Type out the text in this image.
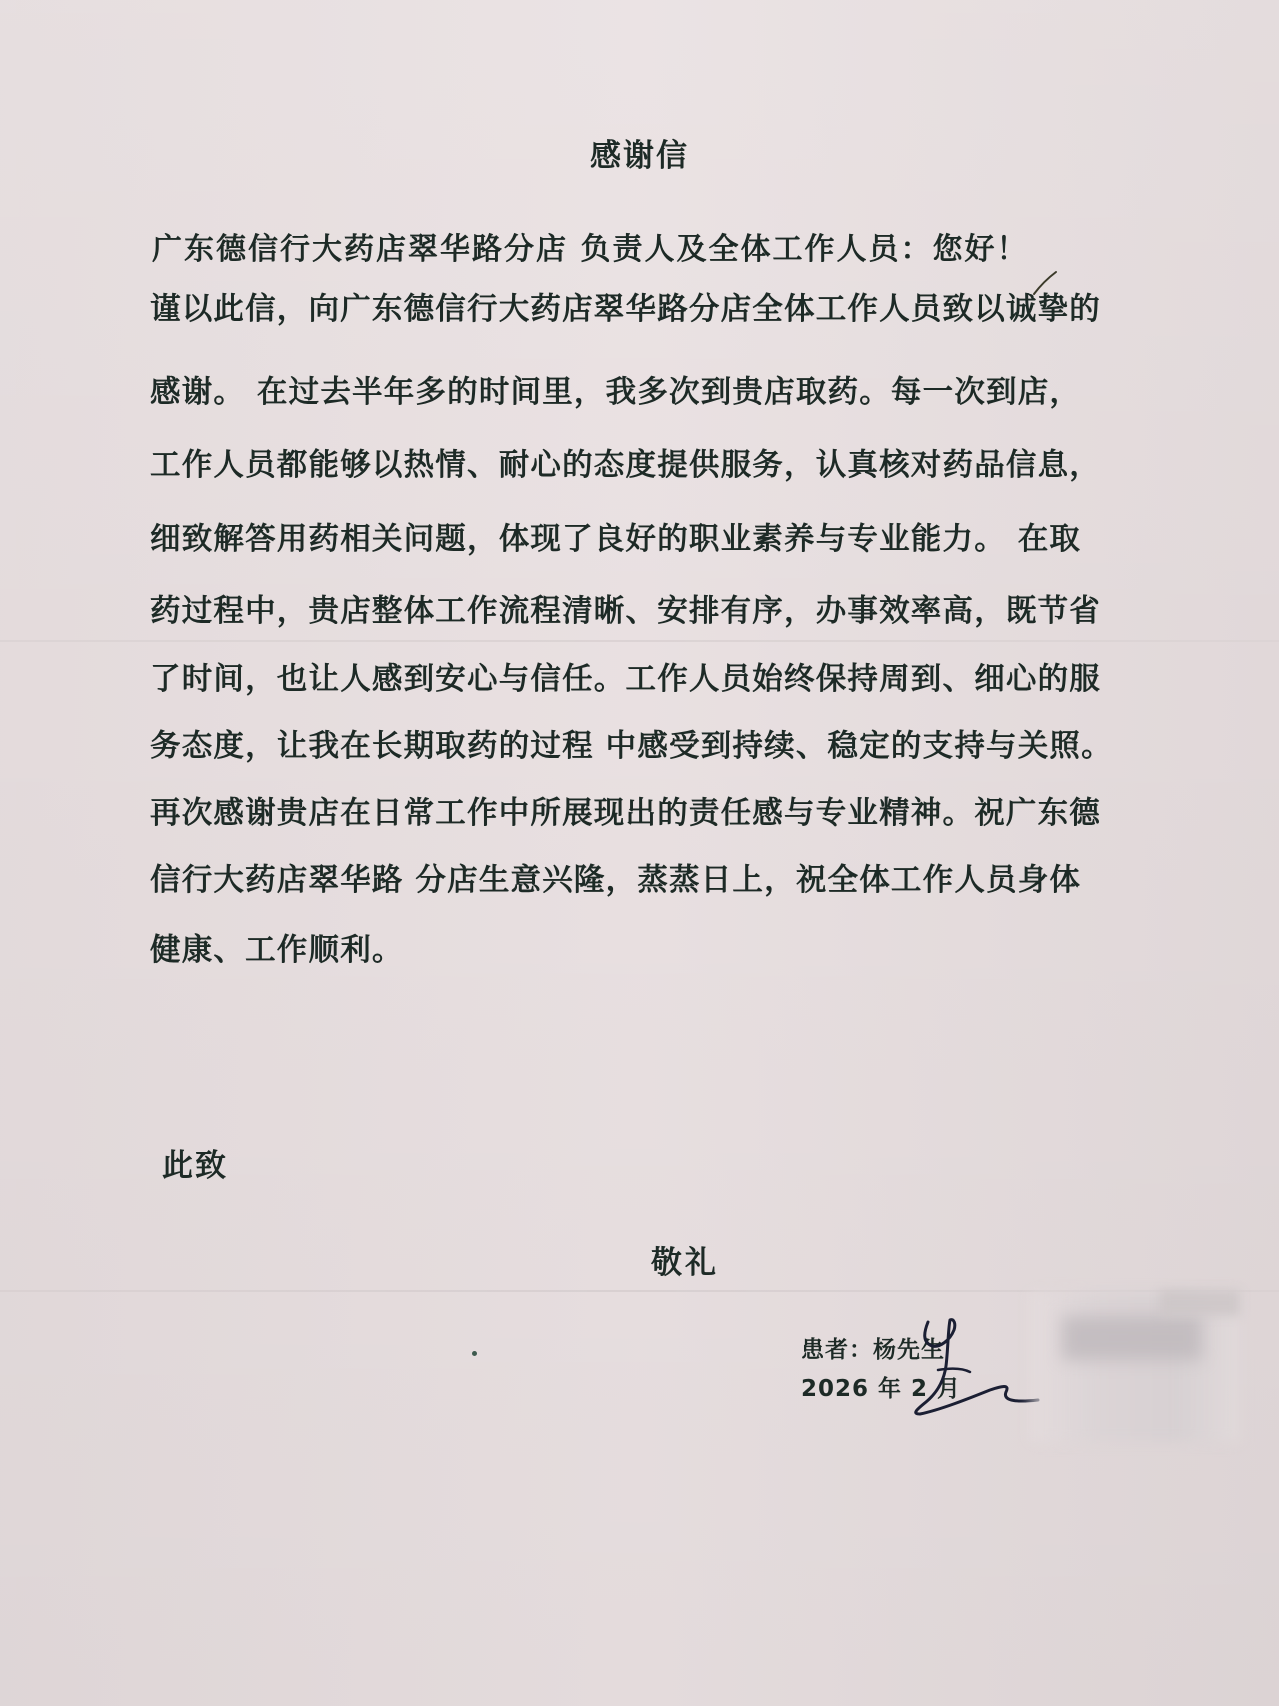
感谢信

广东德信行大药店翠华路分店 负责人及全体工作人员：您好！

谨以此信，向广东德信行大药店翠华路分店全体工作人员致以诚挚的

感谢。 在过去半年多的时间里，我多次到贵店取药。每一次到店，

工作人员都能够以热情、耐心的态度提供服务，认真核对药品信息，

细致解答用药相关问题，体现了良好的职业素养与专业能力。 在取

药过程中，贵店整体工作流程清晰、安排有序，办事效率高，既节省

了时间，也让人感到安心与信任。工作人员始终保持周到、细心的服

务态度，让我在长期取药的过程 中感受到持续、稳定的支持与关照。

再次感谢贵店在日常工作中所展现出的责任感与专业精神。祝广东德

信行大药店翠华路 分店生意兴隆，蒸蒸日上，祝全体工作人员身体

健康、工作顺利。

此致

敬礼

患者：杨先生

2026 年 2 月
